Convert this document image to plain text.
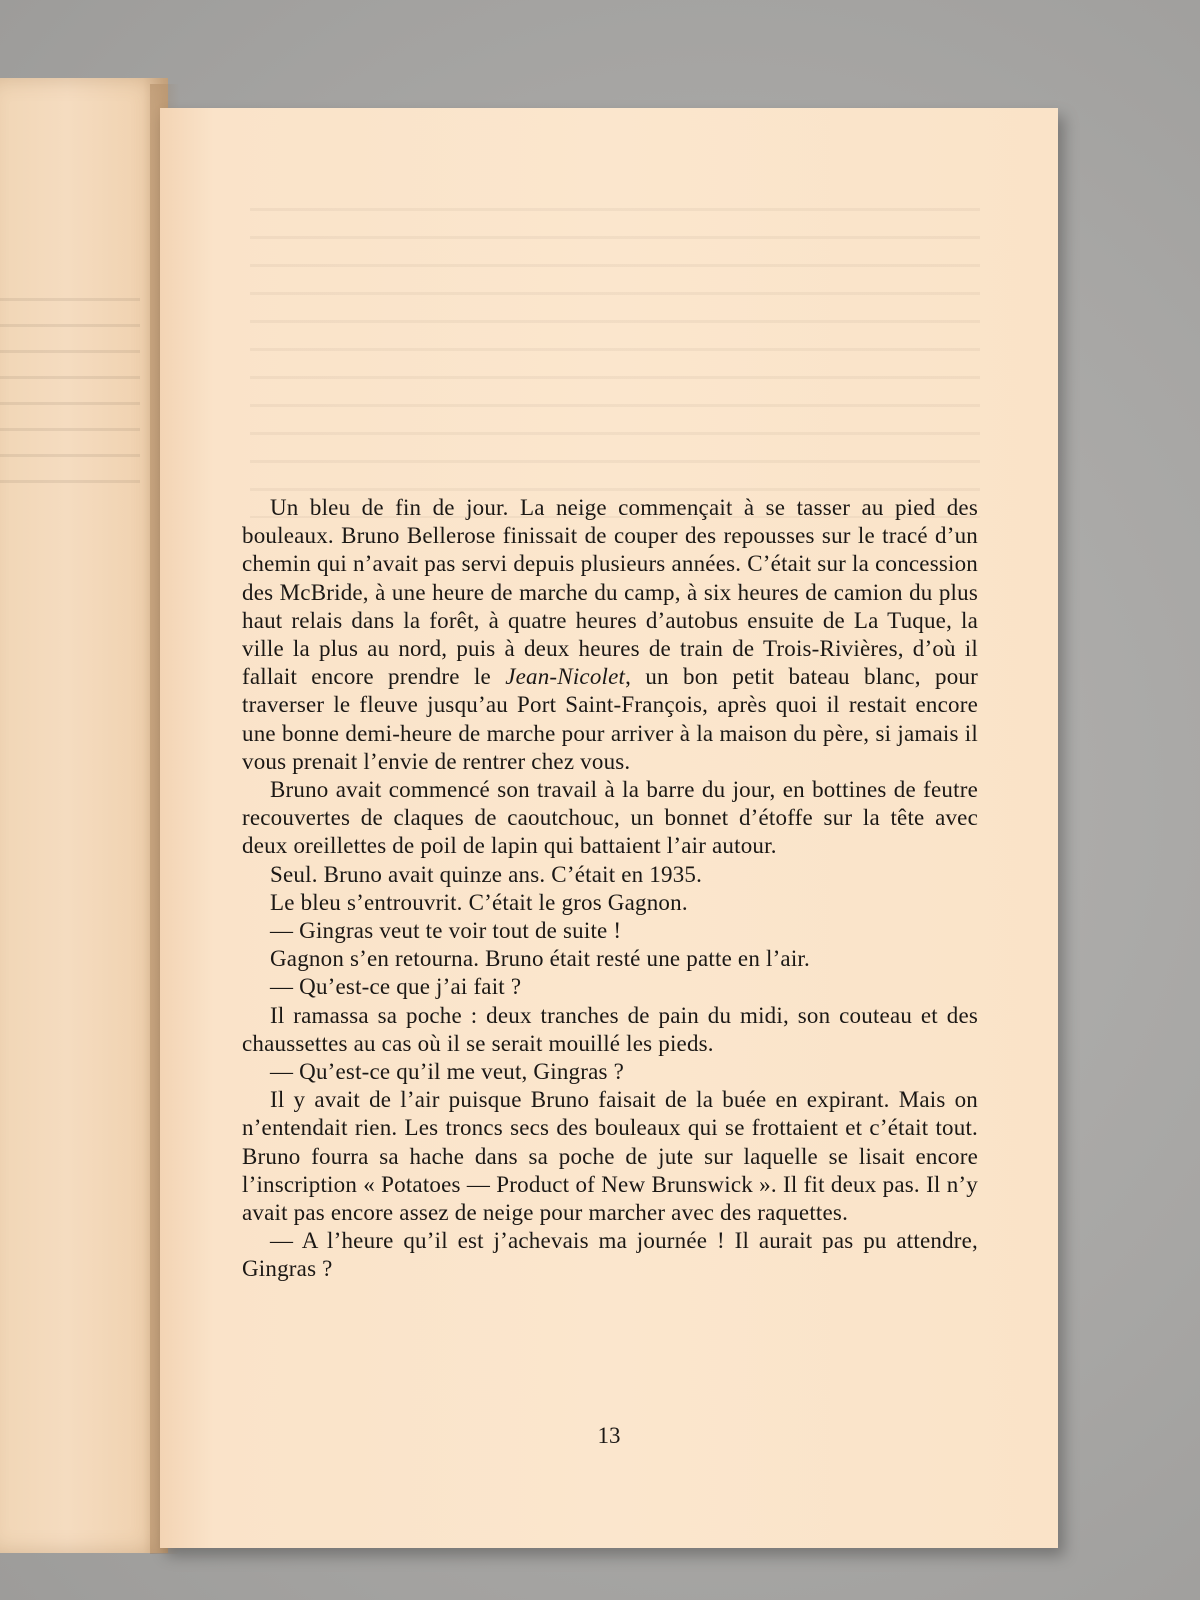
Un bleu de fin de jour. La neige commençait à se tasser au pied des bouleaux. Bruno Bellerose finissait de couper des repousses sur le tracé d’un chemin qui n’avait pas servi depuis plusieurs années. C’était sur la concession des McBride, à une heure de marche du camp, à six heures de camion du plus haut relais dans la forêt, à quatre heures d’autobus ensuite de La Tuque, la ville la plus au nord, puis à deux heures de train de Trois-Rivières, d’où il fallait encore prendre le Jean-Nicolet, un bon petit bateau blanc, pour traverser le fleuve jusqu’au Port Saint-François, après quoi il restait encore une bonne demi-heure de marche pour arriver à la maison du père, si jamais il vous prenait l’envie de rentrer chez vous.

Bruno avait commencé son travail à la barre du jour, en bottines de feutre recouvertes de claques de caoutchouc, un bonnet d’étoffe sur la tête avec deux oreillettes de poil de lapin qui battaient l’air autour.

Seul. Bruno avait quinze ans. C’était en 1935.

Le bleu s’entrouvrit. C’était le gros Gagnon.

— Gingras veut te voir tout de suite !

Gagnon s’en retourna. Bruno était resté une patte en l’air.

— Qu’est-ce que j’ai fait ?

Il ramassa sa poche : deux tranches de pain du midi, son couteau et des chaussettes au cas où il se serait mouillé les pieds.

— Qu’est-ce qu’il me veut, Gingras ?

Il y avait de l’air puisque Bruno faisait de la buée en expirant. Mais on n’entendait rien. Les troncs secs des bouleaux qui se frottaient et c’était tout. Bruno fourra sa hache dans sa poche de jute sur laquelle se lisait encore l’inscription « Potatoes — Product of New Brunswick ». Il fit deux pas. Il n’y avait pas encore assez de neige pour marcher avec des raquettes.

— A l’heure qu’il est j’achevais ma journée ! Il aurait pas pu attendre, Gingras ?

13
